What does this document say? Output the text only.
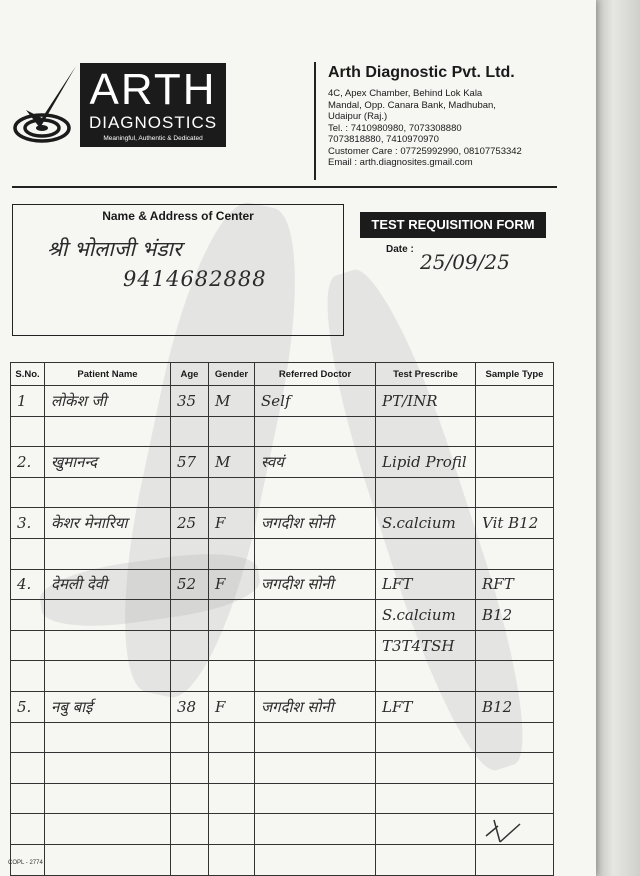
ARTH
DIAGNOSTICS
Meaningful, Authentic & Dedicated
Arth Diagnostic Pvt. Ltd.
4C, Apex Chamber, Behind Lok Kala
Mandal, Opp. Canara Bank, Madhuban,
Udaipur (Raj.)
Tel. : 7410980980, 7073308880
7073818880, 7410970970
Customer Care : 07725992990, 08107753342
Email : arth.diagnosites.gmail.com
Name & Address of Center
श्री भोलाजी भंडार
9414682888
TEST REQUISITION FORM
Date :
25/09/25
S.No.	Patient Name	Age	Gender	Referred Doctor	Test Prescribe	Sample Type

1	लोकेश जी	35	M	Self	PT/INR	

2.	खुमानन्द	57	M	स्वयं	Lipid Profil	

3.	केशर मेनारिया	25	F	जगदीश सोनी	S.calcium	Vit B12

4.	देमली देवी	52	F	जगदीश सोनी	LFT	RFT

					S.calcium	B12

					T3T4TSH	

5.	नबु बाई	38	F	जगदीश सोनी	LFT	B12

COPL - 2774
